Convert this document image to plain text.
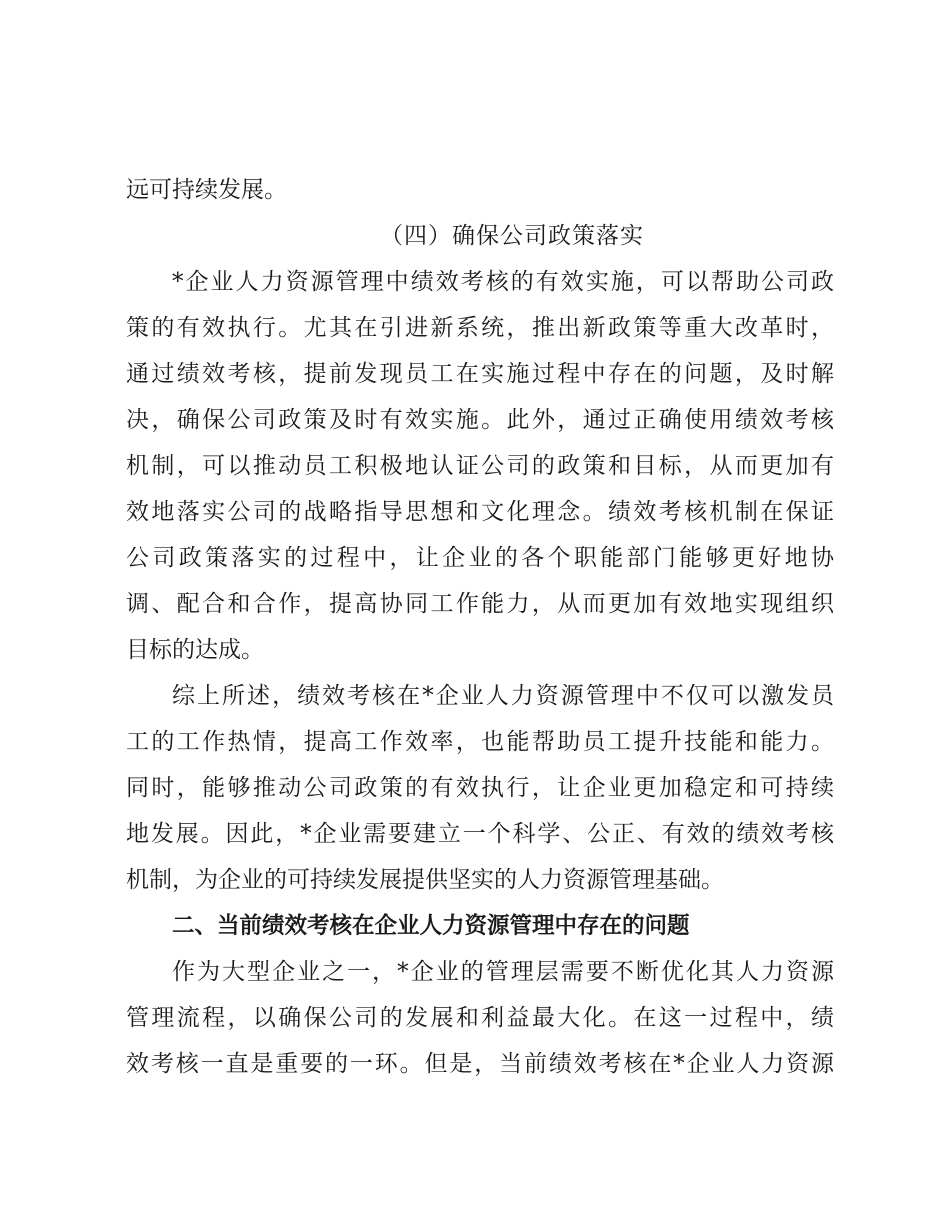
远可持续发展。
（四）确保公司政策落实
*企业人力资源管理中绩效考核的有效实施，可以帮助公司政
策的有效执行。尤其在引进新系统，推出新政策等重大改革时，
通过绩效考核，提前发现员工在实施过程中存在的问题，及时解
决，确保公司政策及时有效实施。此外，通过正确使用绩效考核
机制，可以推动员工积极地认证公司的政策和目标，从而更加有
效地落实公司的战略指导思想和文化理念。绩效考核机制在保证
公司政策落实的过程中，让企业的各个职能部门能够更好地协
调、配合和合作，提高协同工作能力，从而更加有效地实现组织
目标的达成。
综上所述，绩效考核在*企业人力资源管理中不仅可以激发员
工的工作热情，提高工作效率，也能帮助员工提升技能和能力。
同时，能够推动公司政策的有效执行，让企业更加稳定和可持续
地发展。因此，*企业需要建立一个科学、公正、有效的绩效考核
机制，为企业的可持续发展提供坚实的人力资源管理基础。
二、当前绩效考核在企业人力资源管理中存在的问题
作为大型企业之一，*企业的管理层需要不断优化其人力资源
管理流程，以确保公司的发展和利益最大化。在这一过程中，绩
效考核一直是重要的一环。但是，当前绩效考核在*企业人力资源
